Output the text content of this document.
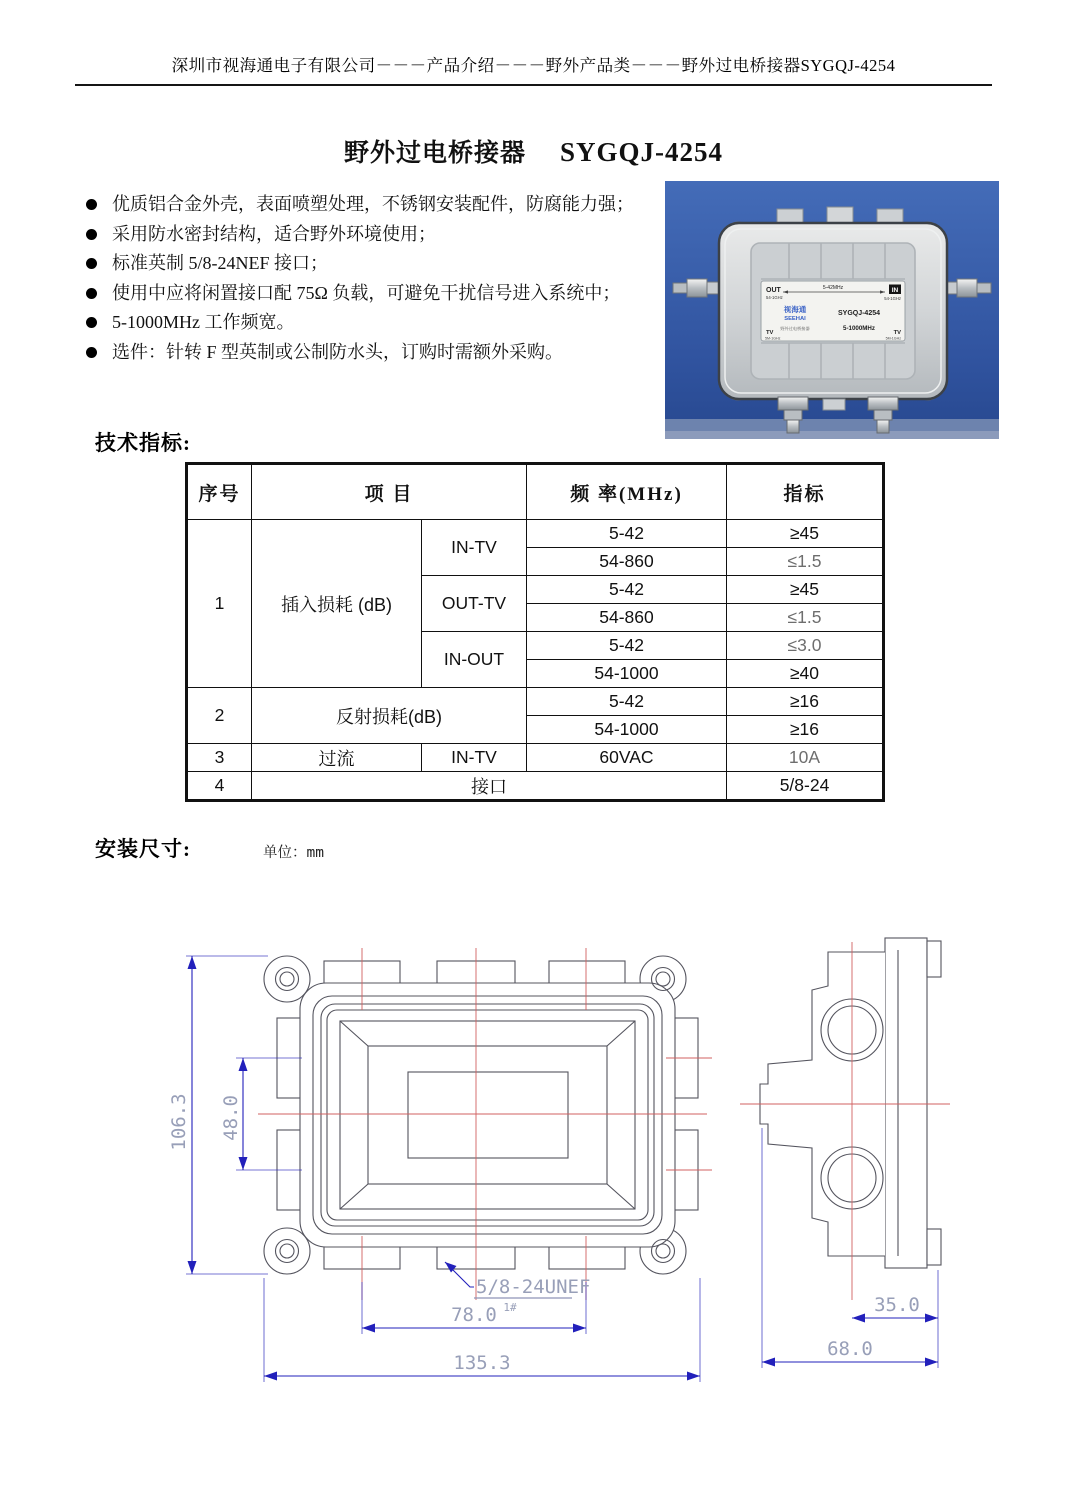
深圳市视海通电子有限公司－－－产品介绍－－－野外产品类－－－野外过电桥接器SYGQJ-4254
野外过电桥接器 SYGQJ-4254
优质铝合金外壳，表面喷塑处理，不锈钢安装配件，防腐能力强；
采用防水密封结构，适合野外环境使用；
标准英制 5/8-24NEF 接口；
使用中应将闲置接口配 75Ω 负载，可避免干扰信号进入系统中；
5-1000MHz 工作频宽。
选件：针转 F 型英制或公制防水头，订购时需额外采购。
OUT
54-1GHz
5-42MHz	IN
54-1GHz
视海通
SEEHAI
SYGQJ-4254
野外过电桥接器	5-1000MHz
TV
5M-1GHz
TV
5M-1GHz
技术指标:
序号	项 目		频 率(MHz)	指标
1	插入损耗 (dB)	IN-TV	5-42	≥45
			54-860	≤1.5
		OUT-TV	5-42	≥45
			54-860	≤1.5
		IN-OUT	5-42	≤3.0
			54-1000	≥40
2	反射损耗(dB)		5-42	≥16
			54-1000	≥16
3	过流	IN-TV	60VAC	10A
4	接口			5/8-24
安装尺寸:	单位：mm
106.3 48.0
78.0
135.3
5/8-24UNEF
1#	35.0
68.0
